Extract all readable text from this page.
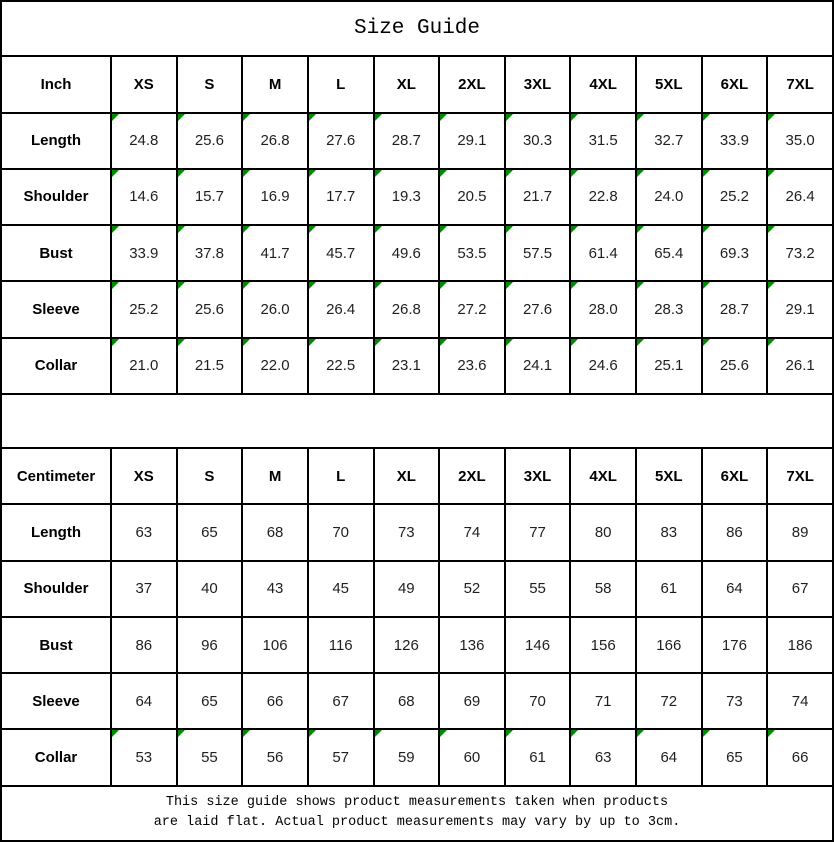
Size Guide											
Inch	XS	S	M	L	XL	2XL	3XL	4XL	5XL	6XL	7XL
Length	24.8	25.6	26.8	27.6	28.7	29.1	30.3	31.5	32.7	33.9	35.0
Shoulder	14.6	15.7	16.9	17.7	19.3	20.5	21.7	22.8	24.0	25.2	26.4
Bust	33.9	37.8	41.7	45.7	49.6	53.5	57.5	61.4	65.4	69.3	73.2
Sleeve	25.2	25.6	26.0	26.4	26.8	27.2	27.6	28.0	28.3	28.7	29.1
Collar	21.0	21.5	22.0	22.5	23.1	23.6	24.1	24.6	25.1	25.6	26.1

Centimeter	XS	S	M	L	XL	2XL	3XL	4XL	5XL	6XL	7XL
Length	63	65	68	70	73	74	77	80	83	86	89
Shoulder	37	40	43	45	49	52	55	58	61	64	67
Bust	86	96	106	116	126	136	146	156	166	176	186
Sleeve	64	65	66	67	68	69	70	71	72	73	74
Collar	53	55	56	57	59	60	61	63	64	65	66

This size guide shows product measurements taken when products
are laid flat. Actual product measurements may vary by up to 3cm.											
